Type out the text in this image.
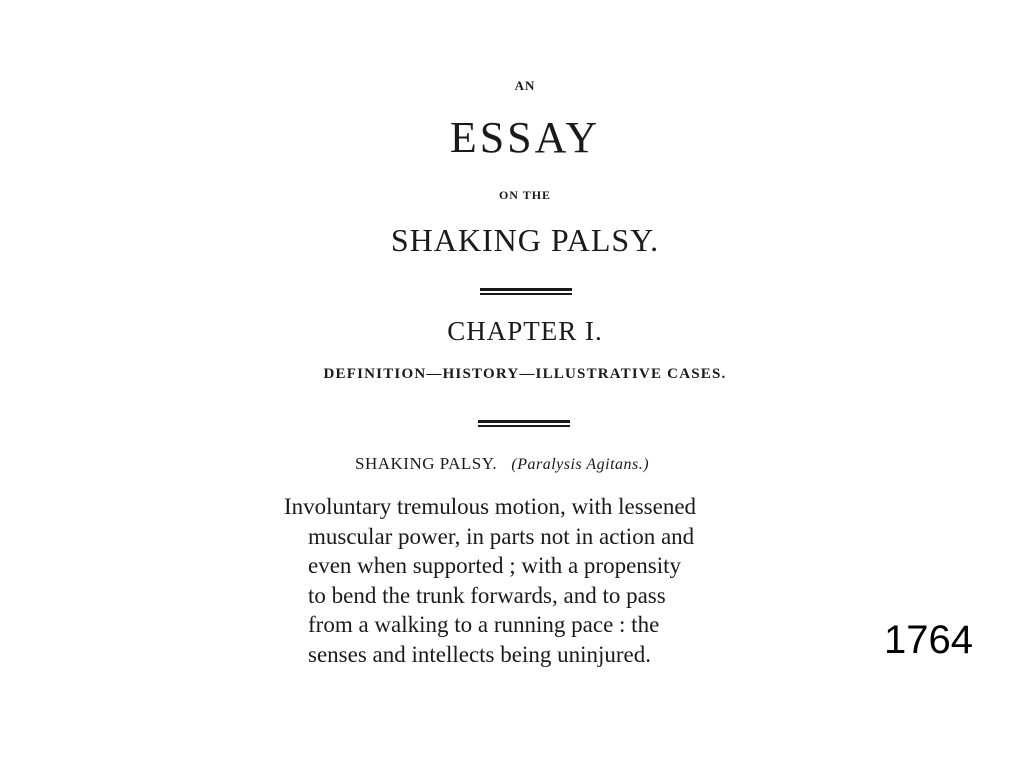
AN
ESSAY
ON THE
SHAKING PALSY.
CHAPTER I.
DEFINITION—HISTORY—ILLUSTRATIVE CASES.
SHAKING PALSY. (Paralysis Agitans.)
Involuntary tremulous motion, with lessened
muscular power, in parts not in action and
even when supported ; with a propensity
to bend the trunk forwards, and to pass
from a walking to a running pace : the
senses and intellects being uninjured.	1764
